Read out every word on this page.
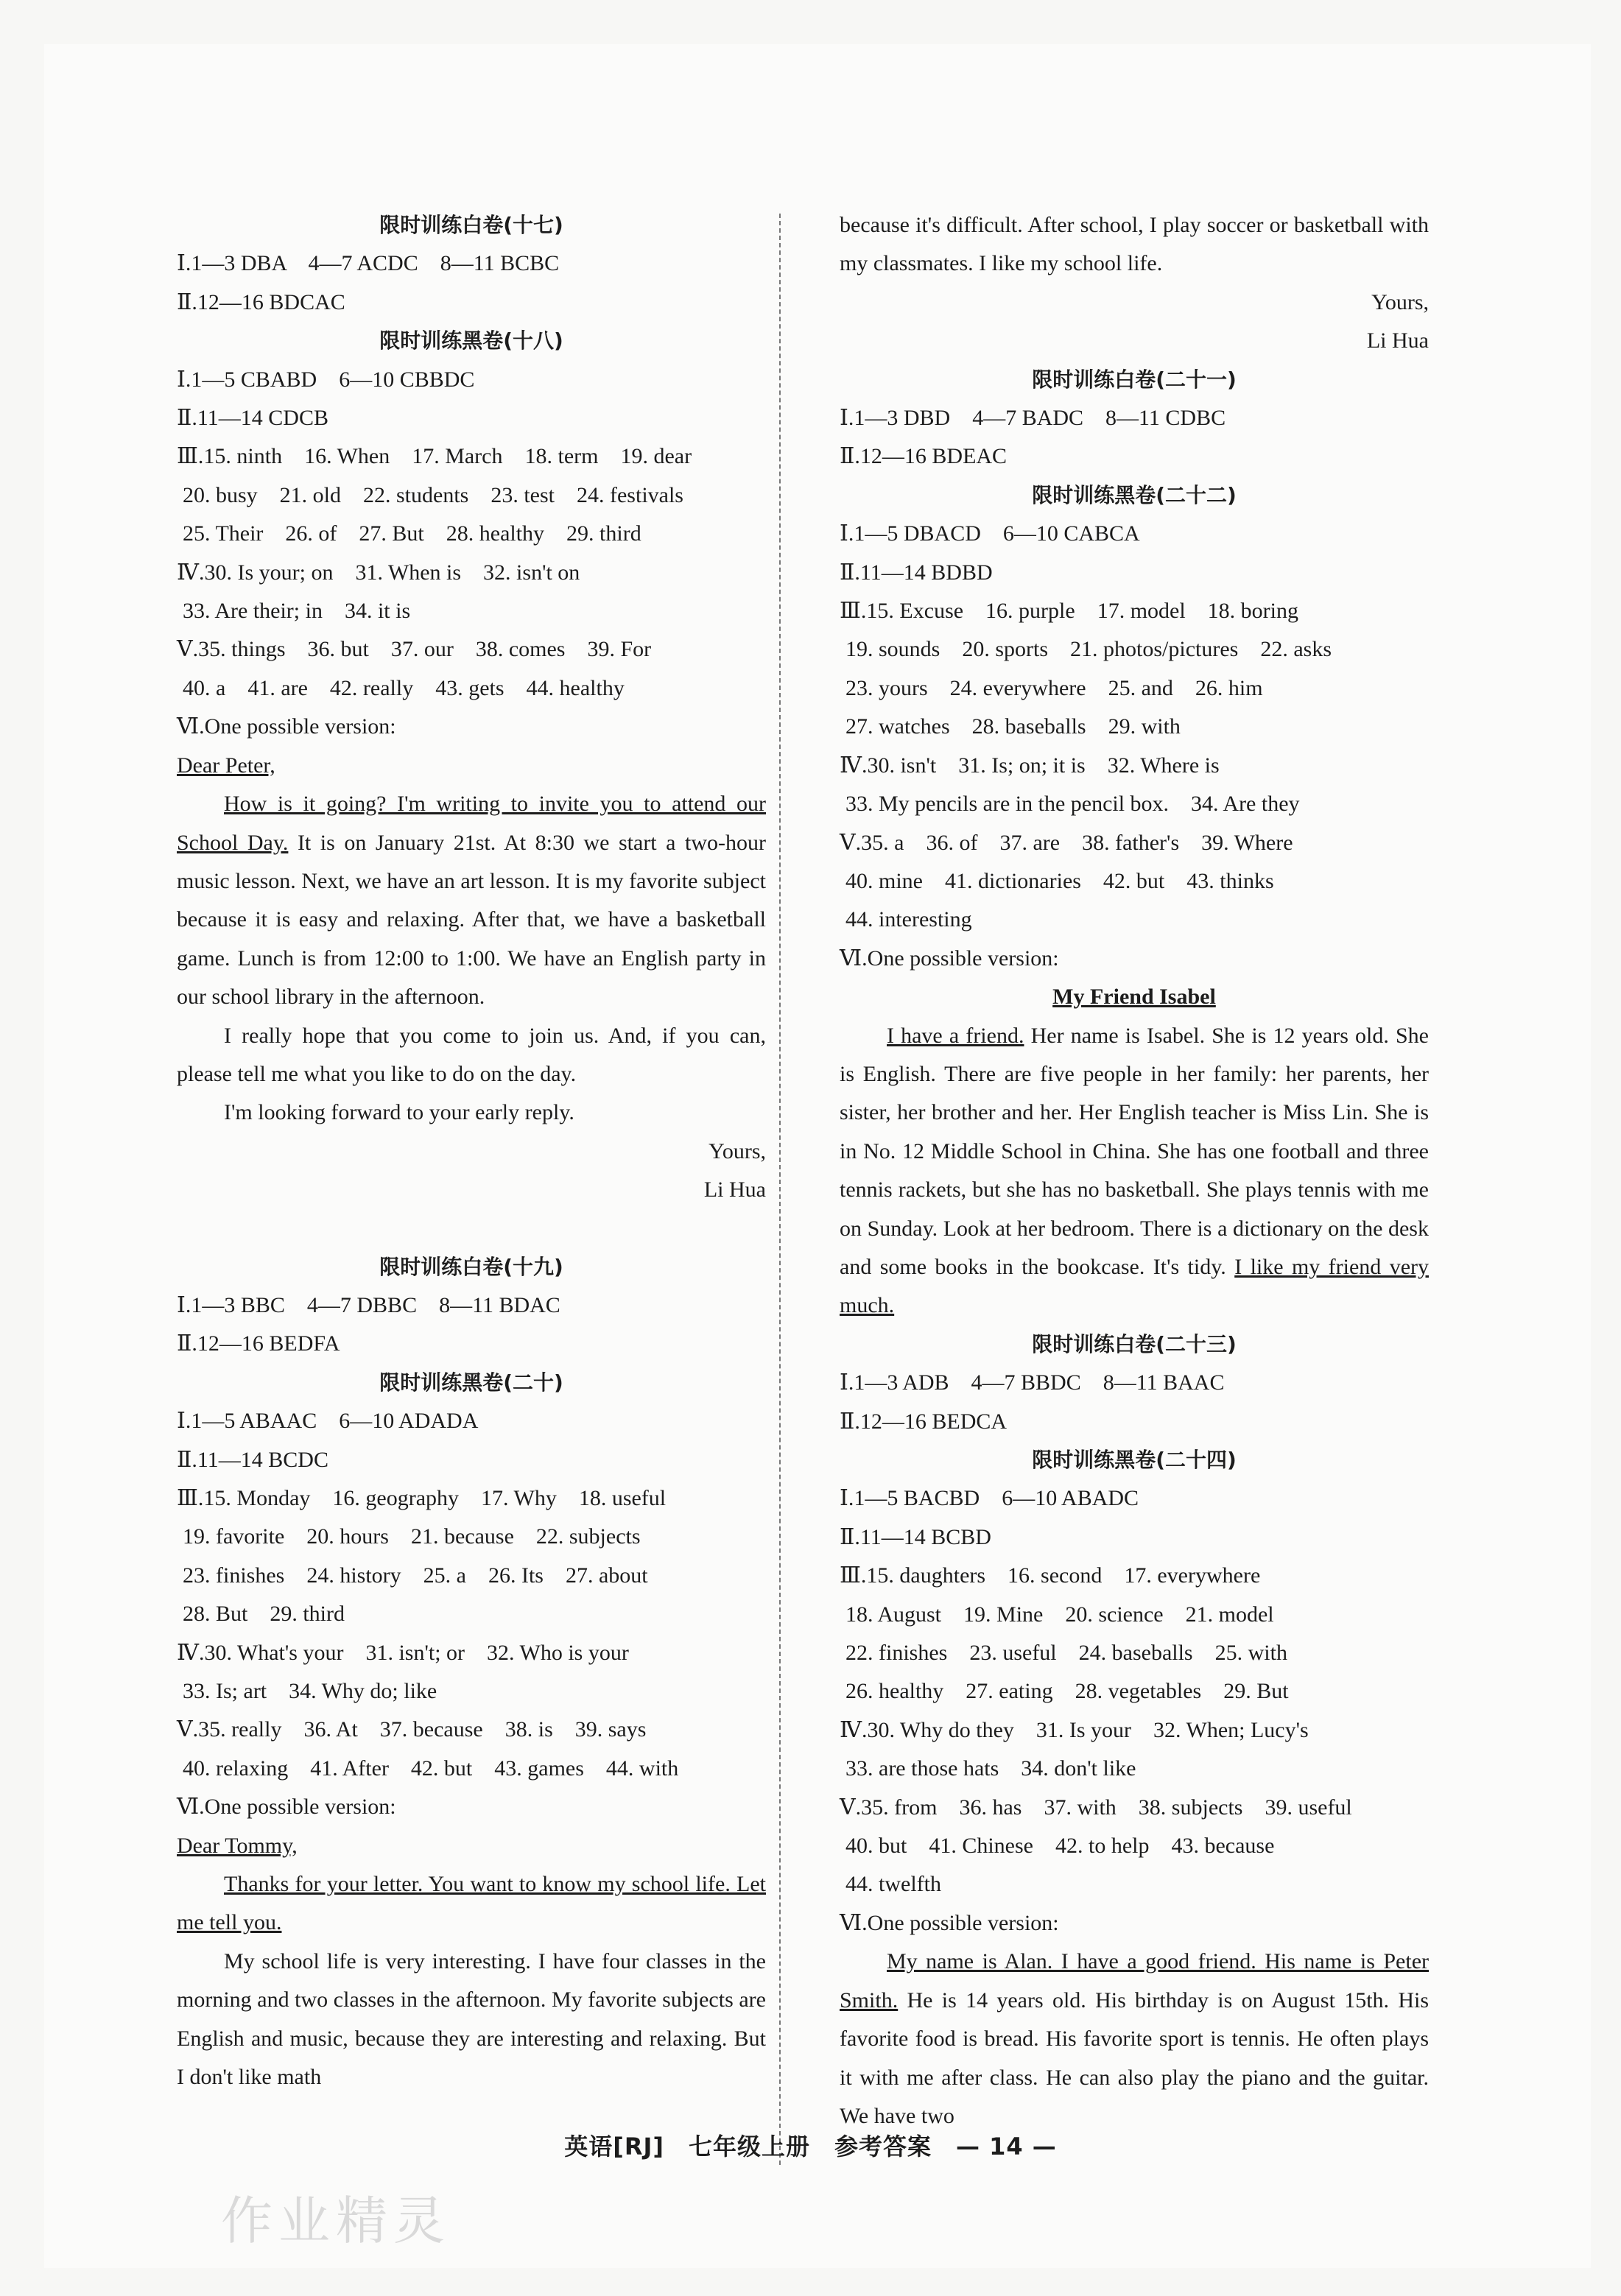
限时训练白卷(十七)
Ⅰ.1—3 DBA　4—7 ACDC　8—11 BCBC
Ⅱ.12—16 BDCAC
限时训练黑卷(十八)
Ⅰ.1—5 CBABD　6—10 CBBDC
Ⅱ.11—14 CDCB
Ⅲ.15. ninth　16. When　17. March　18. term　19. dear
20. busy　21. old　22. students　23. test　24. festivals
25. Their　26. of　27. But　28. healthy　29. third
Ⅳ.30. Is your; on　31. When is　32. isn't on
33. Are their; in　34. it is
Ⅴ.35. things　36. but　37. our　38. comes　39. For
40. a　41. are　42. really　43. gets　44. healthy
Ⅵ.One possible version:
Dear Peter,
How is it going? I'm writing to invite you to attend our School Day. It is on January 21st. At 8:30 we start a two-hour music lesson. Next, we have an art lesson. It is my favorite subject because it is easy and relaxing. After that, we have a basketball game. Lunch is from 12:00 to 1:00. We have an English party in our school library in the afternoon.
I really hope that you come to join us. And, if you can, please tell me what you like to do on the day.
I'm looking forward to your early reply.
Yours,
Li Hua
限时训练白卷(十九)
Ⅰ.1—3 BBC　4—7 DBBC　8—11 BDAC
Ⅱ.12—16 BEDFA
限时训练黑卷(二十)
Ⅰ.1—5 ABAAC　6—10 ADADA
Ⅱ.11—14 BCDC
Ⅲ.15. Monday　16. geography　17. Why　18. useful
19. favorite　20. hours　21. because　22. subjects
23. finishes　24. history　25. a　26. Its　27. about
28. But　29. third
Ⅳ.30. What's your　31. isn't; or　32. Who is your
33. Is; art　34. Why do; like
Ⅴ.35. really　36. At　37. because　38. is　39. says
40. relaxing　41. After　42. but　43. games　44. with
Ⅵ.One possible version:
Dear Tommy,
Thanks for your letter. You want to know my school life. Let me tell you.
My school life is very interesting. I have four classes in the morning and two classes in the afternoon. My favorite subjects are English and music, because they are interesting and relaxing. But I don't like math
because it's difficult. After school, I play soccer or basketball with my classmates. I like my school life.
Yours,
Li Hua
限时训练白卷(二十一)
Ⅰ.1—3 DBD　4—7 BADC　8—11 CDBC
Ⅱ.12—16 BDEAC
限时训练黑卷(二十二)
Ⅰ.1—5 DBACD　6—10 CABCA
Ⅱ.11—14 BDBD
Ⅲ.15. Excuse　16. purple　17. model　18. boring
19. sounds　20. sports　21. photos/pictures　22. asks
23. yours　24. everywhere　25. and　26. him
27. watches　28. baseballs　29. with
Ⅳ.30. isn't　31. Is; on; it is　32. Where is
33. My pencils are in the pencil box.　34. Are they
Ⅴ.35. a　36. of　37. are　38. father's　39. Where
40. mine　41. dictionaries　42. but　43. thinks
44. interesting
Ⅵ.One possible version:
My Friend Isabel
I have a friend. Her name is Isabel. She is 12 years old. She is English. There are five people in her family: her parents, her sister, her brother and her. Her English teacher is Miss Lin. She is in No. 12 Middle School in China. She has one football and three tennis rackets, but she has no basketball. She plays tennis with me on Sunday. Look at her bedroom. There is a dictionary on the desk and some books in the bookcase. It's tidy. I like my friend very much.
限时训练白卷(二十三)
Ⅰ.1—3 ADB　4—7 BBDC　8—11 BAAC
Ⅱ.12—16 BEDCA
限时训练黑卷(二十四)
Ⅰ.1—5 BACBD　6—10 ABADC
Ⅱ.11—14 BCBD
Ⅲ.15. daughters　16. second　17. everywhere
18. August　19. Mine　20. science　21. model
22. finishes　23. useful　24. baseballs　25. with
26. healthy　27. eating　28. vegetables　29. But
Ⅳ.30. Why do they　31. Is your　32. When; Lucy's
33. are those hats　34. don't like
Ⅴ.35. from　36. has　37. with　38. subjects　39. useful
40. but　41. Chinese　42. to help　43. because
44. twelfth
Ⅵ.One possible version:
My name is Alan. I have a good friend. His name is Peter Smith. He is 14 years old. His birthday is on August 15th. His favorite food is bread. His favorite sport is tennis. He often plays it with me after class. He can also play the piano and the guitar. We have two
英语[RJ]　七年级上册　参考答案　— 14 —
作业精灵
